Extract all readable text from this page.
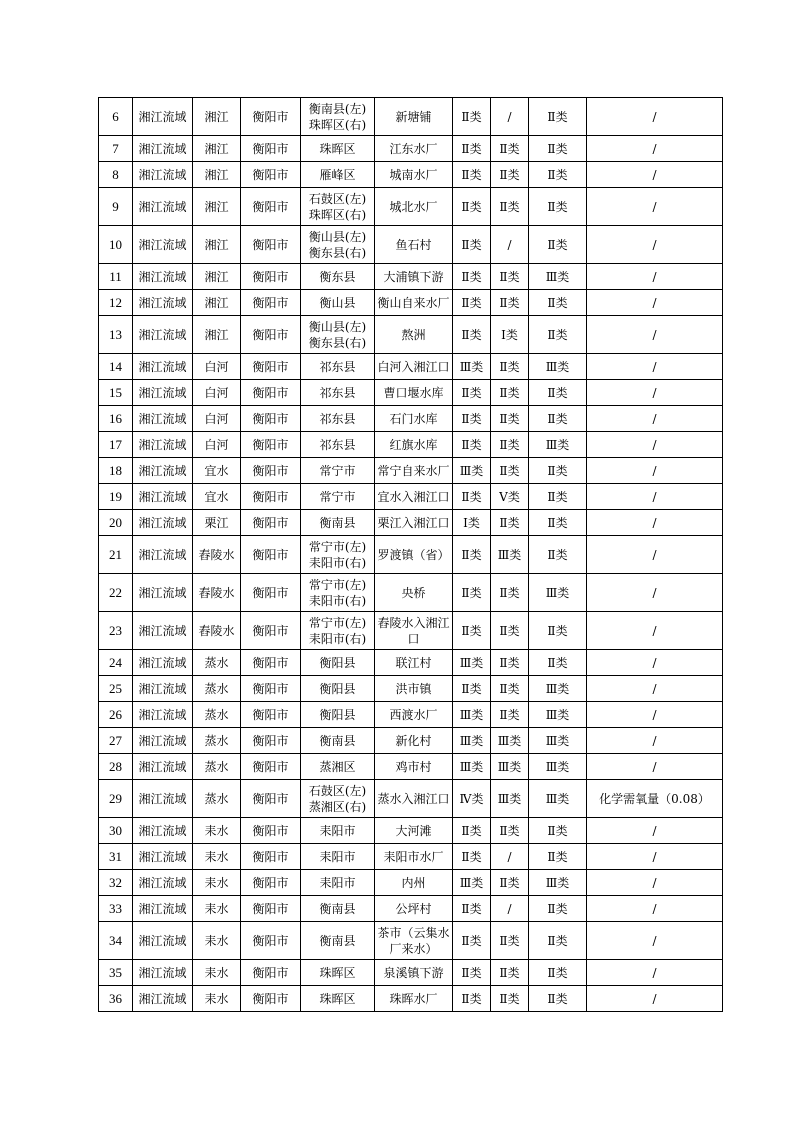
6	湘江流域	湘江	衡阳市	衡南县(左) 珠晖区(右)	新塘铺	Ⅱ类	/	Ⅱ类	/
7	湘江流域	湘江	衡阳市	珠晖区	江东水厂	Ⅱ类	Ⅱ类	Ⅱ类	/
8	湘江流域	湘江	衡阳市	雁峰区	城南水厂	Ⅱ类	Ⅱ类	Ⅱ类	/
9	湘江流域	湘江	衡阳市	石鼓区(左) 珠晖区(右)	城北水厂	Ⅱ类	Ⅱ类	Ⅱ类	/
10	湘江流域	湘江	衡阳市	衡山县(左) 衡东县(右)	鱼石村	Ⅱ类	/	Ⅱ类	/
11	湘江流域	湘江	衡阳市	衡东县	大浦镇下游	Ⅱ类	Ⅱ类	Ⅲ类	/
12	湘江流域	湘江	衡阳市	衡山县	衡山自来水厂	Ⅱ类	Ⅱ类	Ⅱ类	/
13	湘江流域	湘江	衡阳市	衡山县(左) 衡东县(右)	熬洲	Ⅱ类	Ⅰ类	Ⅱ类	/
14	湘江流域	白河	衡阳市	祁东县	白河入湘江口	Ⅲ类	Ⅱ类	Ⅲ类	/
15	湘江流域	白河	衡阳市	祁东县	曹口堰水库	Ⅱ类	Ⅱ类	Ⅱ类	/
16	湘江流域	白河	衡阳市	祁东县	石门水库	Ⅱ类	Ⅱ类	Ⅱ类	/
17	湘江流域	白河	衡阳市	祁东县	红旗水库	Ⅱ类	Ⅱ类	Ⅲ类	/
18	湘江流域	宜水	衡阳市	常宁市	常宁自来水厂	Ⅲ类	Ⅱ类	Ⅱ类	/
19	湘江流域	宜水	衡阳市	常宁市	宜水入湘江口	Ⅱ类	Ⅴ类	Ⅱ类	/
20	湘江流域	栗江	衡阳市	衡南县	栗江入湘江口	Ⅰ类	Ⅱ类	Ⅱ类	/
21	湘江流域	舂陵水	衡阳市	常宁市(左) 耒阳市(右)	罗渡镇（省）	Ⅱ类	Ⅲ类	Ⅱ类	/
22	湘江流域	舂陵水	衡阳市	常宁市(左) 耒阳市(右)	央桥	Ⅱ类	Ⅱ类	Ⅲ类	/
23	湘江流域	舂陵水	衡阳市	常宁市(左) 耒阳市(右)	舂陵水入湘江口	Ⅱ类	Ⅱ类	Ⅱ类	/
24	湘江流域	蒸水	衡阳市	衡阳县	联江村	Ⅲ类	Ⅱ类	Ⅱ类	/
25	湘江流域	蒸水	衡阳市	衡阳县	洪市镇	Ⅱ类	Ⅱ类	Ⅲ类	/
26	湘江流域	蒸水	衡阳市	衡阳县	西渡水厂	Ⅲ类	Ⅱ类	Ⅲ类	/
27	湘江流域	蒸水	衡阳市	衡南县	新化村	Ⅲ类	Ⅲ类	Ⅲ类	/
28	湘江流域	蒸水	衡阳市	蒸湘区	鸡市村	Ⅲ类	Ⅲ类	Ⅲ类	/
29	湘江流域	蒸水	衡阳市	石鼓区(左) 蒸湘区(右)	蒸水入湘江口	Ⅳ类	Ⅲ类	Ⅲ类	化学需氧量（0.08）
30	湘江流域	耒水	衡阳市	耒阳市	大河滩	Ⅱ类	Ⅱ类	Ⅱ类	/
31	湘江流域	耒水	衡阳市	耒阳市	耒阳市水厂	Ⅱ类	/	Ⅱ类	/
32	湘江流域	耒水	衡阳市	耒阳市	内州	Ⅲ类	Ⅱ类	Ⅲ类	/
33	湘江流域	耒水	衡阳市	衡南县	公坪村	Ⅱ类	/	Ⅱ类	/
34	湘江流域	耒水	衡阳市	衡南县	茶市（云集水厂来水）	Ⅱ类	Ⅱ类	Ⅱ类	/
35	湘江流域	耒水	衡阳市	珠晖区	泉溪镇下游	Ⅱ类	Ⅱ类	Ⅱ类	/
36	湘江流域	耒水	衡阳市	珠晖区	珠晖水厂	Ⅱ类	Ⅱ类	Ⅱ类	/
